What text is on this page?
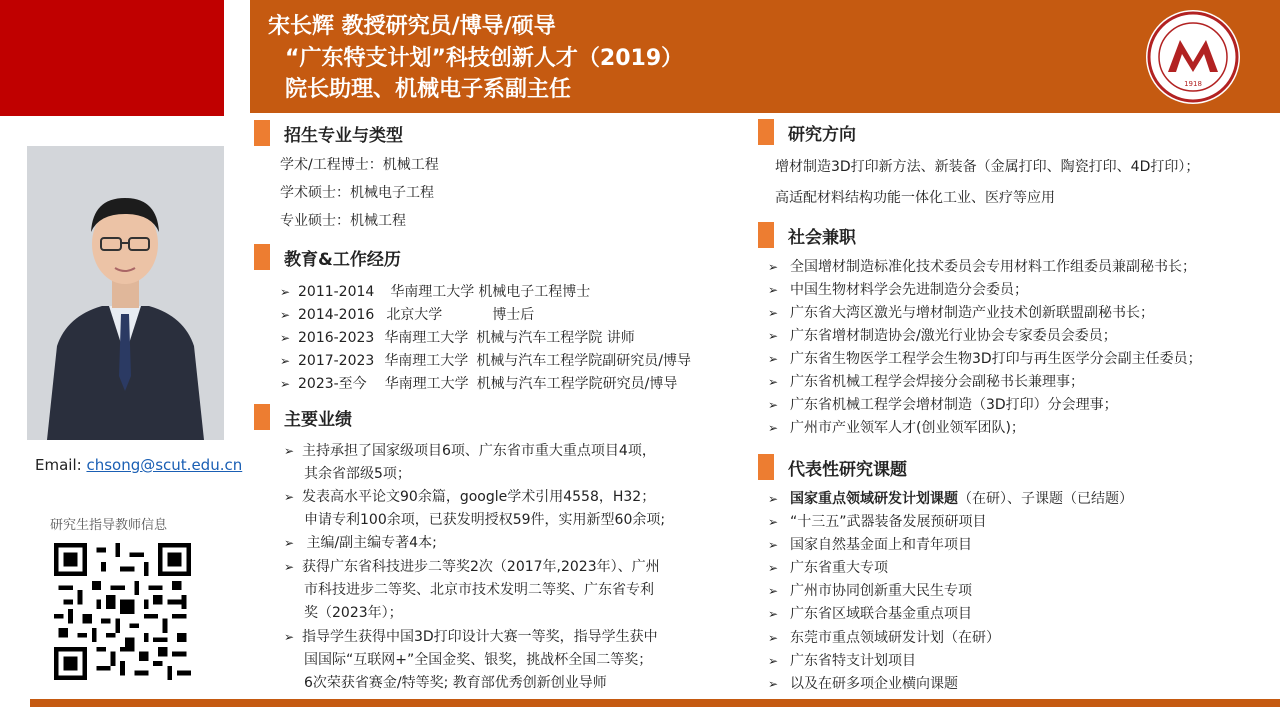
宋长辉 教授研究员/博导/硕导
“广东特支计划”科技创新人才（2019）
院长助理、机械电子系副主任	1918
Email: chsong@scut.edu.cn
研究生指导教师信息
招生专业与类型
学术/工程博士：机械工程
学术硕士：机械电子工程
专业硕士：机械工程
教育&工作经历
➢ 2011-2014 华南理工大学 机械电子工程博士
➢ 2014-2016 北京大学	博士后
➢ 2016-2023 华南理工大学 机械与汽车工程学院 讲师
➢ 2017-2023 华南理工大学 机械与汽车工程学院副研究员/博导
➢ 2023-至今 华南理工大学 机械与汽车工程学院研究员/博导
主要业绩
➢ 主持承担了国家级项目6项、广东省市重大重点项目4项，
其余省部级5项；
➢ 发表高水平论文90余篇，google学术引用4558，H32；
申请专利100余项，已获发明授权59件，实用新型60余项;
➢ 主编/副主编专著4本;
➢ 获得广东省科技进步二等奖2次（2017年,2023年）、广州
市科技进步二等奖、北京市技术发明二等奖、广东省专利
奖（2023年）；
➢ 指导学生获得中国3D打印设计大赛一等奖，指导学生获中
国国际“互联网+”全国金奖、银奖，挑战杯全国二等奖；
6次荣获省赛金/特等奖; 教育部优秀创新创业导师
研究方向
增材制造3D打印新方法、新装备（金属打印、陶瓷打印、4D打印）；
高适配材料结构功能一体化工业、医疗等应用
社会兼职
➢ 全国增材制造标准化技术委员会专用材料工作组委员兼副秘书长；
➢ 中国生物材料学会先进制造分会委员；
➢ 广东省大湾区激光与增材制造产业技术创新联盟副秘书长；
➢ 广东省增材制造协会/激光行业协会专家委员会委员；
➢ 广东省生物医学工程学会生物3D打印与再生医学分会副主任委员；
➢ 广东省机械工程学会焊接分会副秘书长兼理事；
➢ 广东省机械工程学会增材制造（3D打印）分会理事；
➢ 广州市产业领军人才(创业领军团队)；
代表性研究课题
➢ 国家重点领域研发计划课题（在研）、子课题（已结题）
➢ “十三五”武器装备发展预研项目
➢ 国家自然基金面上和青年项目
➢ 广东省重大专项
➢ 广州市协同创新重大民生专项
➢ 广东省区域联合基金重点项目
➢ 东莞市重点领域研发计划（在研）
➢ 广东省特支计划项目
➢ 以及在研多项企业横向课题
